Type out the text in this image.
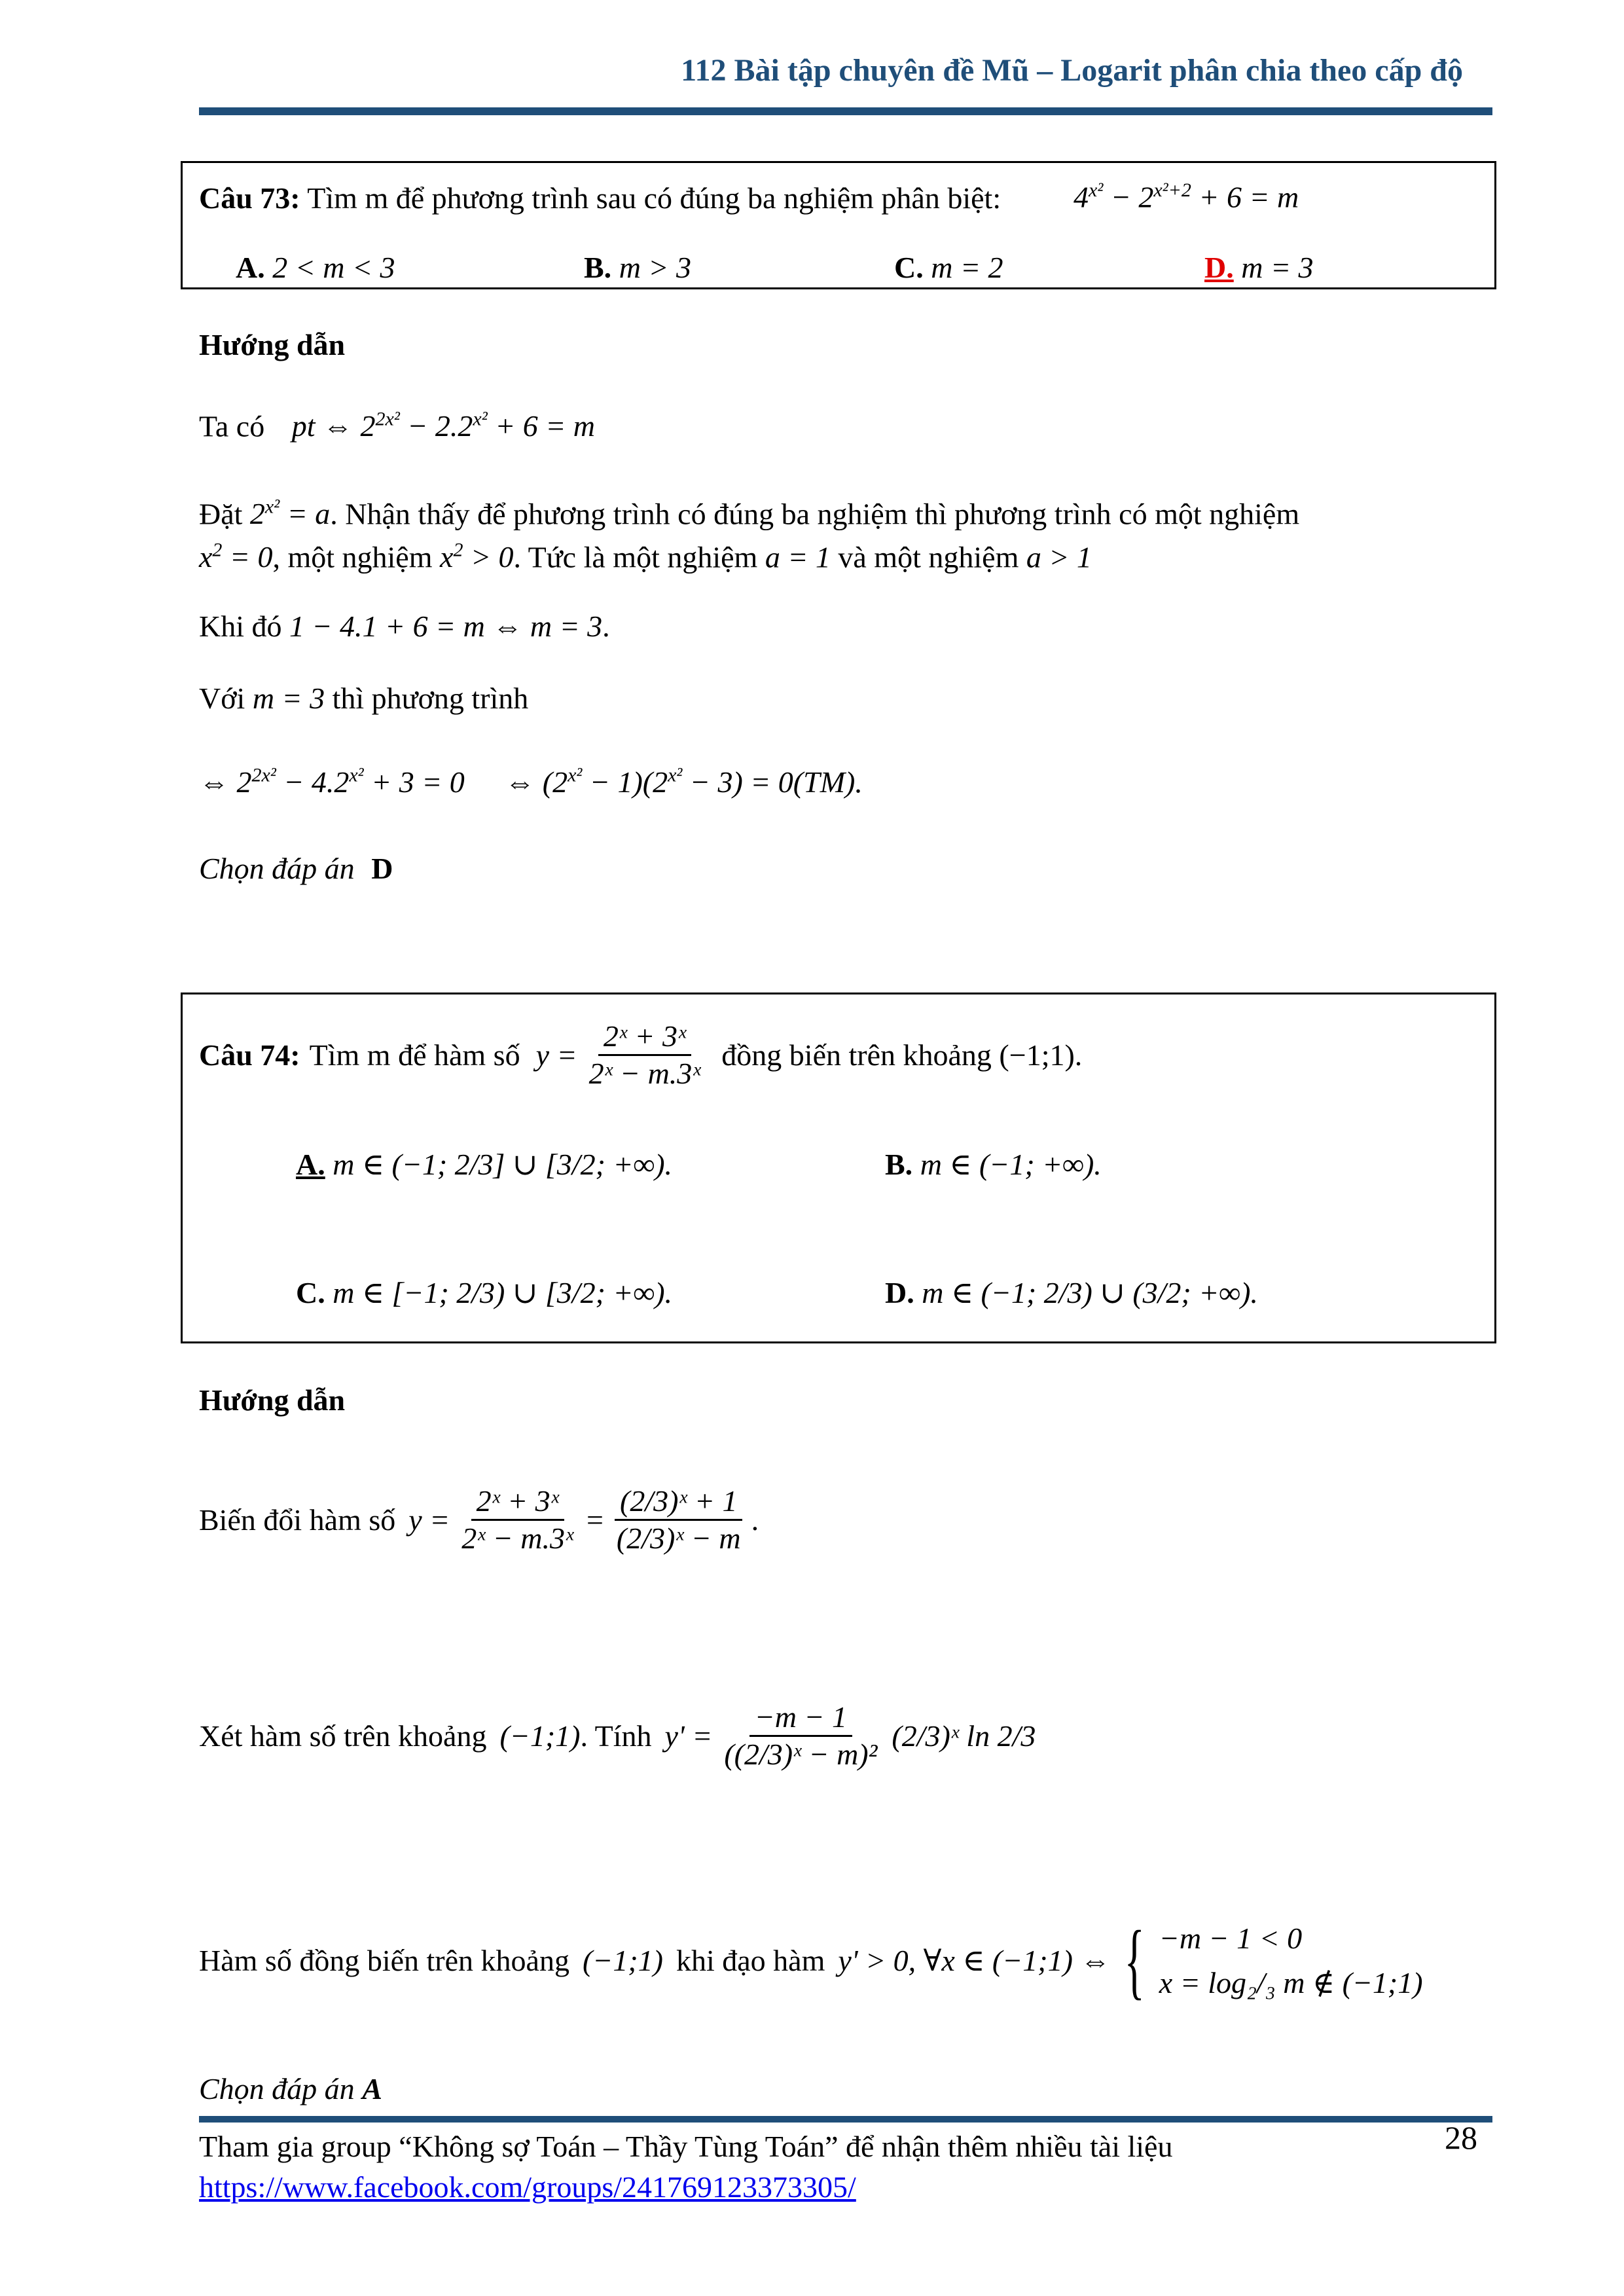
112 Bài tập chuyên đề Mũ – Logarit phân chia theo cấp độ
Câu 73: Tìm m để phương trình sau có đúng ba nghiệm phân biệt: $4^{x^2} - 2^{x^2+2} + 6 = m$
A. 2 < m < 3	B. m > 3	C. m = 2	D. m = 3
Hướng dẫn
Ta có pt ⇔ $2^{2x^2} - 2.2^{x^2} + 6 = m$
Đặt $2^{x^2} = a$. Nhận thấy để phương trình có đúng ba nghiệm thì phương trình có một nghiệm
$x^2 = 0$, một nghiệm $x^2 > 0$. Tức là một nghiệm a = 1 và một nghiệm a > 1
Khi đó 1 − 4.1 + 6 = m ⇔ m = 3.
Với m = 3 thì phương trình
⇔ $2^{2x^2} - 4.2^{x^2} + 3 = 0$ ⇔ $(2^{x^2} - 1)(2^{x^2} - 3) = 0(TM)$.
Chọn đáp án D
Câu 74: Tìm m để hàm số $y = \frac{\text{2ˣ + 3ˣ}}{\text{2ˣ − m.3ˣ}}$ đồng biến trên khoảng (−1;1).
A. m ∈ (−1; 2/3] ∪ [3/2; +∞).	B. m ∈ (−1; +∞).
C. m ∈ [−1; 2/3) ∪ [3/2; +∞).	D. m ∈ (−1; 2/3) ∪ (3/2; +∞).
Hướng dẫn
Biến đổi hàm số $y = \frac{\text{2ˣ + 3ˣ}}{\text{2ˣ − m.3ˣ}} = \frac{\text{(2/3)ˣ + 1}}{\text{(2/3)ˣ − m}}$ .
Xét hàm số trên khoảng (−1;1) . Tính $y' = \frac{-m - 1}{\text{((2/3)ˣ − m)²}}$ (2/3)ˣ ln 2/3
Hàm số đồng biến trên khoảng (−1;1) khi đạo hàm y' > 0, ∀x ∈ (−1;1) ⇔ { −m − 1 < 0
x = log₂/₃ m ∉ (−1;1)
Chọn đáp án A
Tham gia group “Không sợ Toán – Thầy Tùng Toán” để nhận thêm nhiều tài liệu
https://www.facebook.com/groups/241769123373305/
28
